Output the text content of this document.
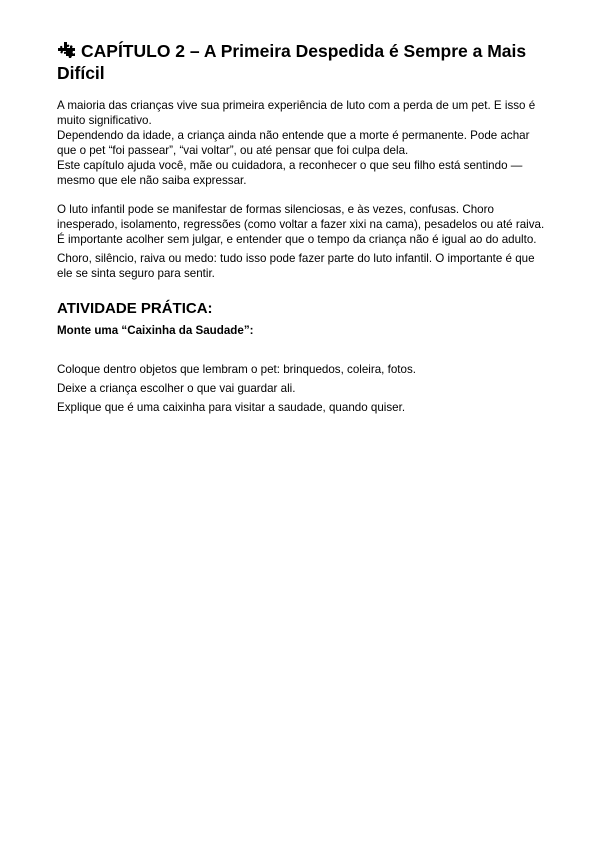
CAPÍTULO 2 – A Primeira Despedida é Sempre a Mais Difícil

A maioria das crianças vive sua primeira experiência de luto com a perda de um pet. E isso é muito significativo.

Dependendo da idade, a criança ainda não entende que a morte é permanente. Pode achar que o pet “foi passear”, “vai voltar”, ou até pensar que foi culpa dela.

Este capítulo ajuda você, mãe ou cuidadora, a reconhecer o que seu filho está sentindo — mesmo que ele não saiba expressar.

O luto infantil pode se manifestar de formas silenciosas, e às vezes, confusas. Choro inesperado, isolamento, regressões (como voltar a fazer xixi na cama), pesadelos ou até raiva. É importante acolher sem julgar, e entender que o tempo da criança não é igual ao do adulto.

Choro, silêncio, raiva ou medo: tudo isso pode fazer parte do luto infantil. O importante é que ele se sinta seguro para sentir.

ATIVIDADE PRÁTICA:

Monte uma “Caixinha da Saudade”:

Coloque dentro objetos que lembram o pet: brinquedos, coleira, fotos.

Deixe a criança escolher o que vai guardar ali.

Explique que é uma caixinha para visitar a saudade, quando quiser.
